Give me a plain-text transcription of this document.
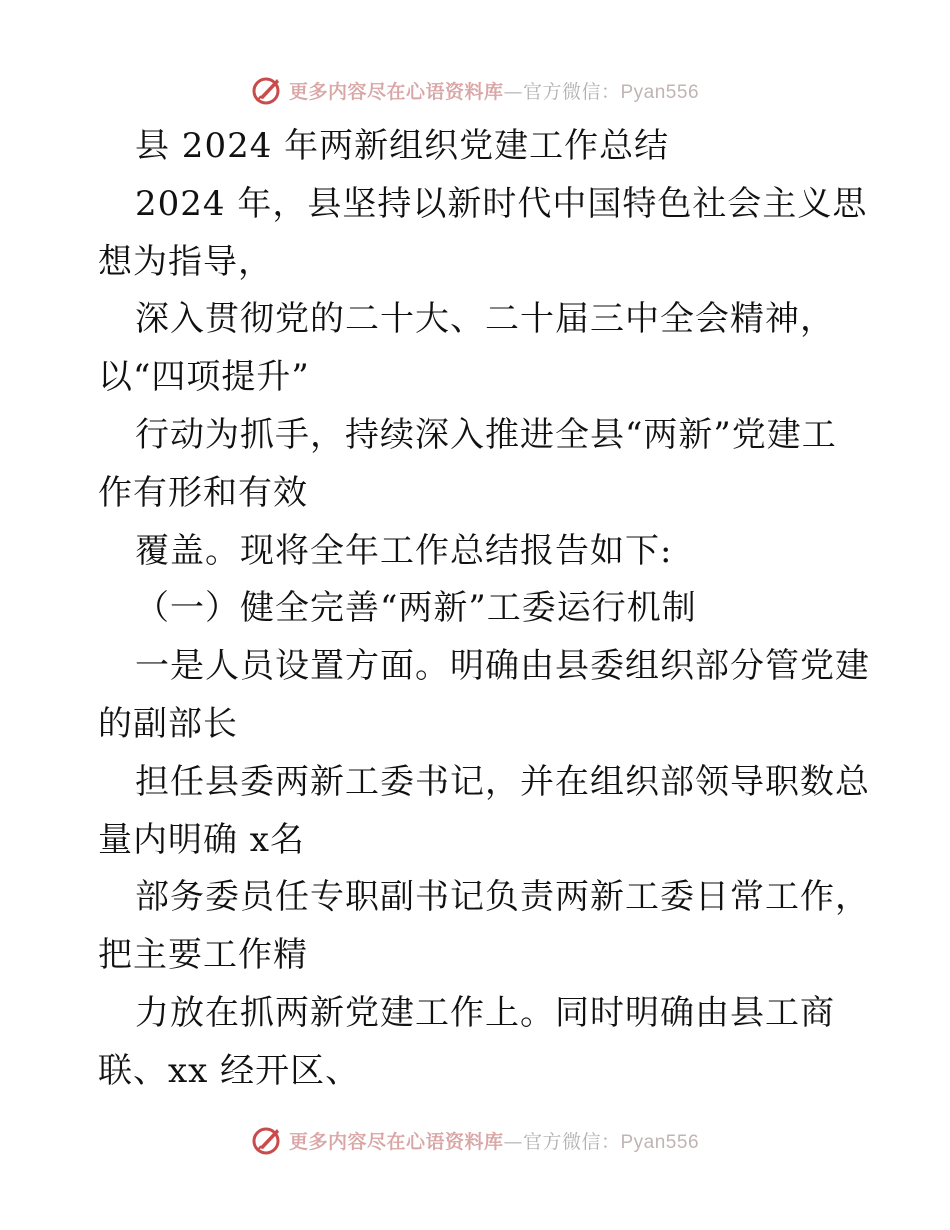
更多内容尽在心语资料库—官方微信：Pyan556
县 2024 年两新组织党建工作总结
2024 年，县坚持以新时代中国特色社会主义思
想为指导，
深入贯彻党的二十大、二十届三中全会精神，
以“四项提升”
行动为抓手，持续深入推进全县“两新”党建工
作有形和有效
覆盖。现将全年工作总结报告如下:
（一）健全完善“两新”工委运行机制
一是人员设置方面。明确由县委组织部分管党建
的副部长
担任县委两新工委书记，并在组织部领导职数总
量内明确 x名
部务委员任专职副书记负责两新工委日常工作，
把主要工作精
力放在抓两新党建工作上。同时明确由县工商
联、xx 经开区、
更多内容尽在心语资料库—官方微信：Pyan556
